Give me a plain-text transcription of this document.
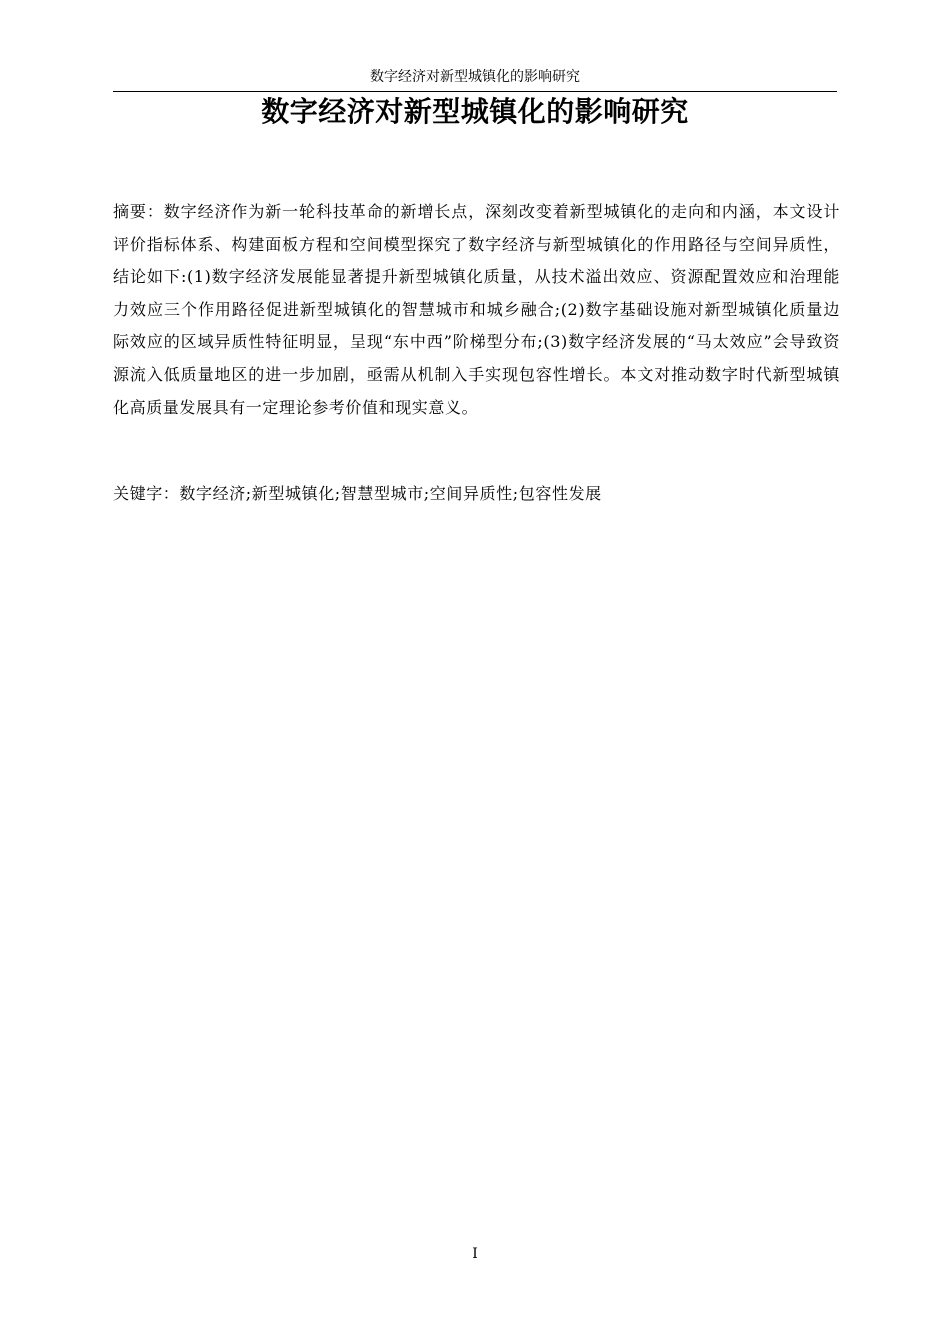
数字经济对新型城镇化的影响研究
数字经济对新型城镇化的影响研究
摘要：数字经济作为新一轮科技革命的新增长点，深刻改变着新型城镇化的走向和内涵，本文设计评价指标体系、构建面板方程和空间模型探究了数字经济与新型城镇化的作用路径与空间异质性，结论如下:(1)数字经济发展能显著提升新型城镇化质量，从技术溢出效应、资源配置效应和治理能力效应三个作用路径促进新型城镇化的智慧城市和城乡融合;(2)数字基础设施对新型城镇化质量边际效应的区域异质性特征明显，呈现“东中西”阶梯型分布;(3)数字经济发展的“马太效应”会导致资源流入低质量地区的进一步加剧，亟需从机制入手实现包容性增长。本文对推动数字时代新型城镇化高质量发展具有一定理论参考价值和现实意义。
关键字：数字经济;新型城镇化;智慧型城市;空间异质性;包容性发展
I
